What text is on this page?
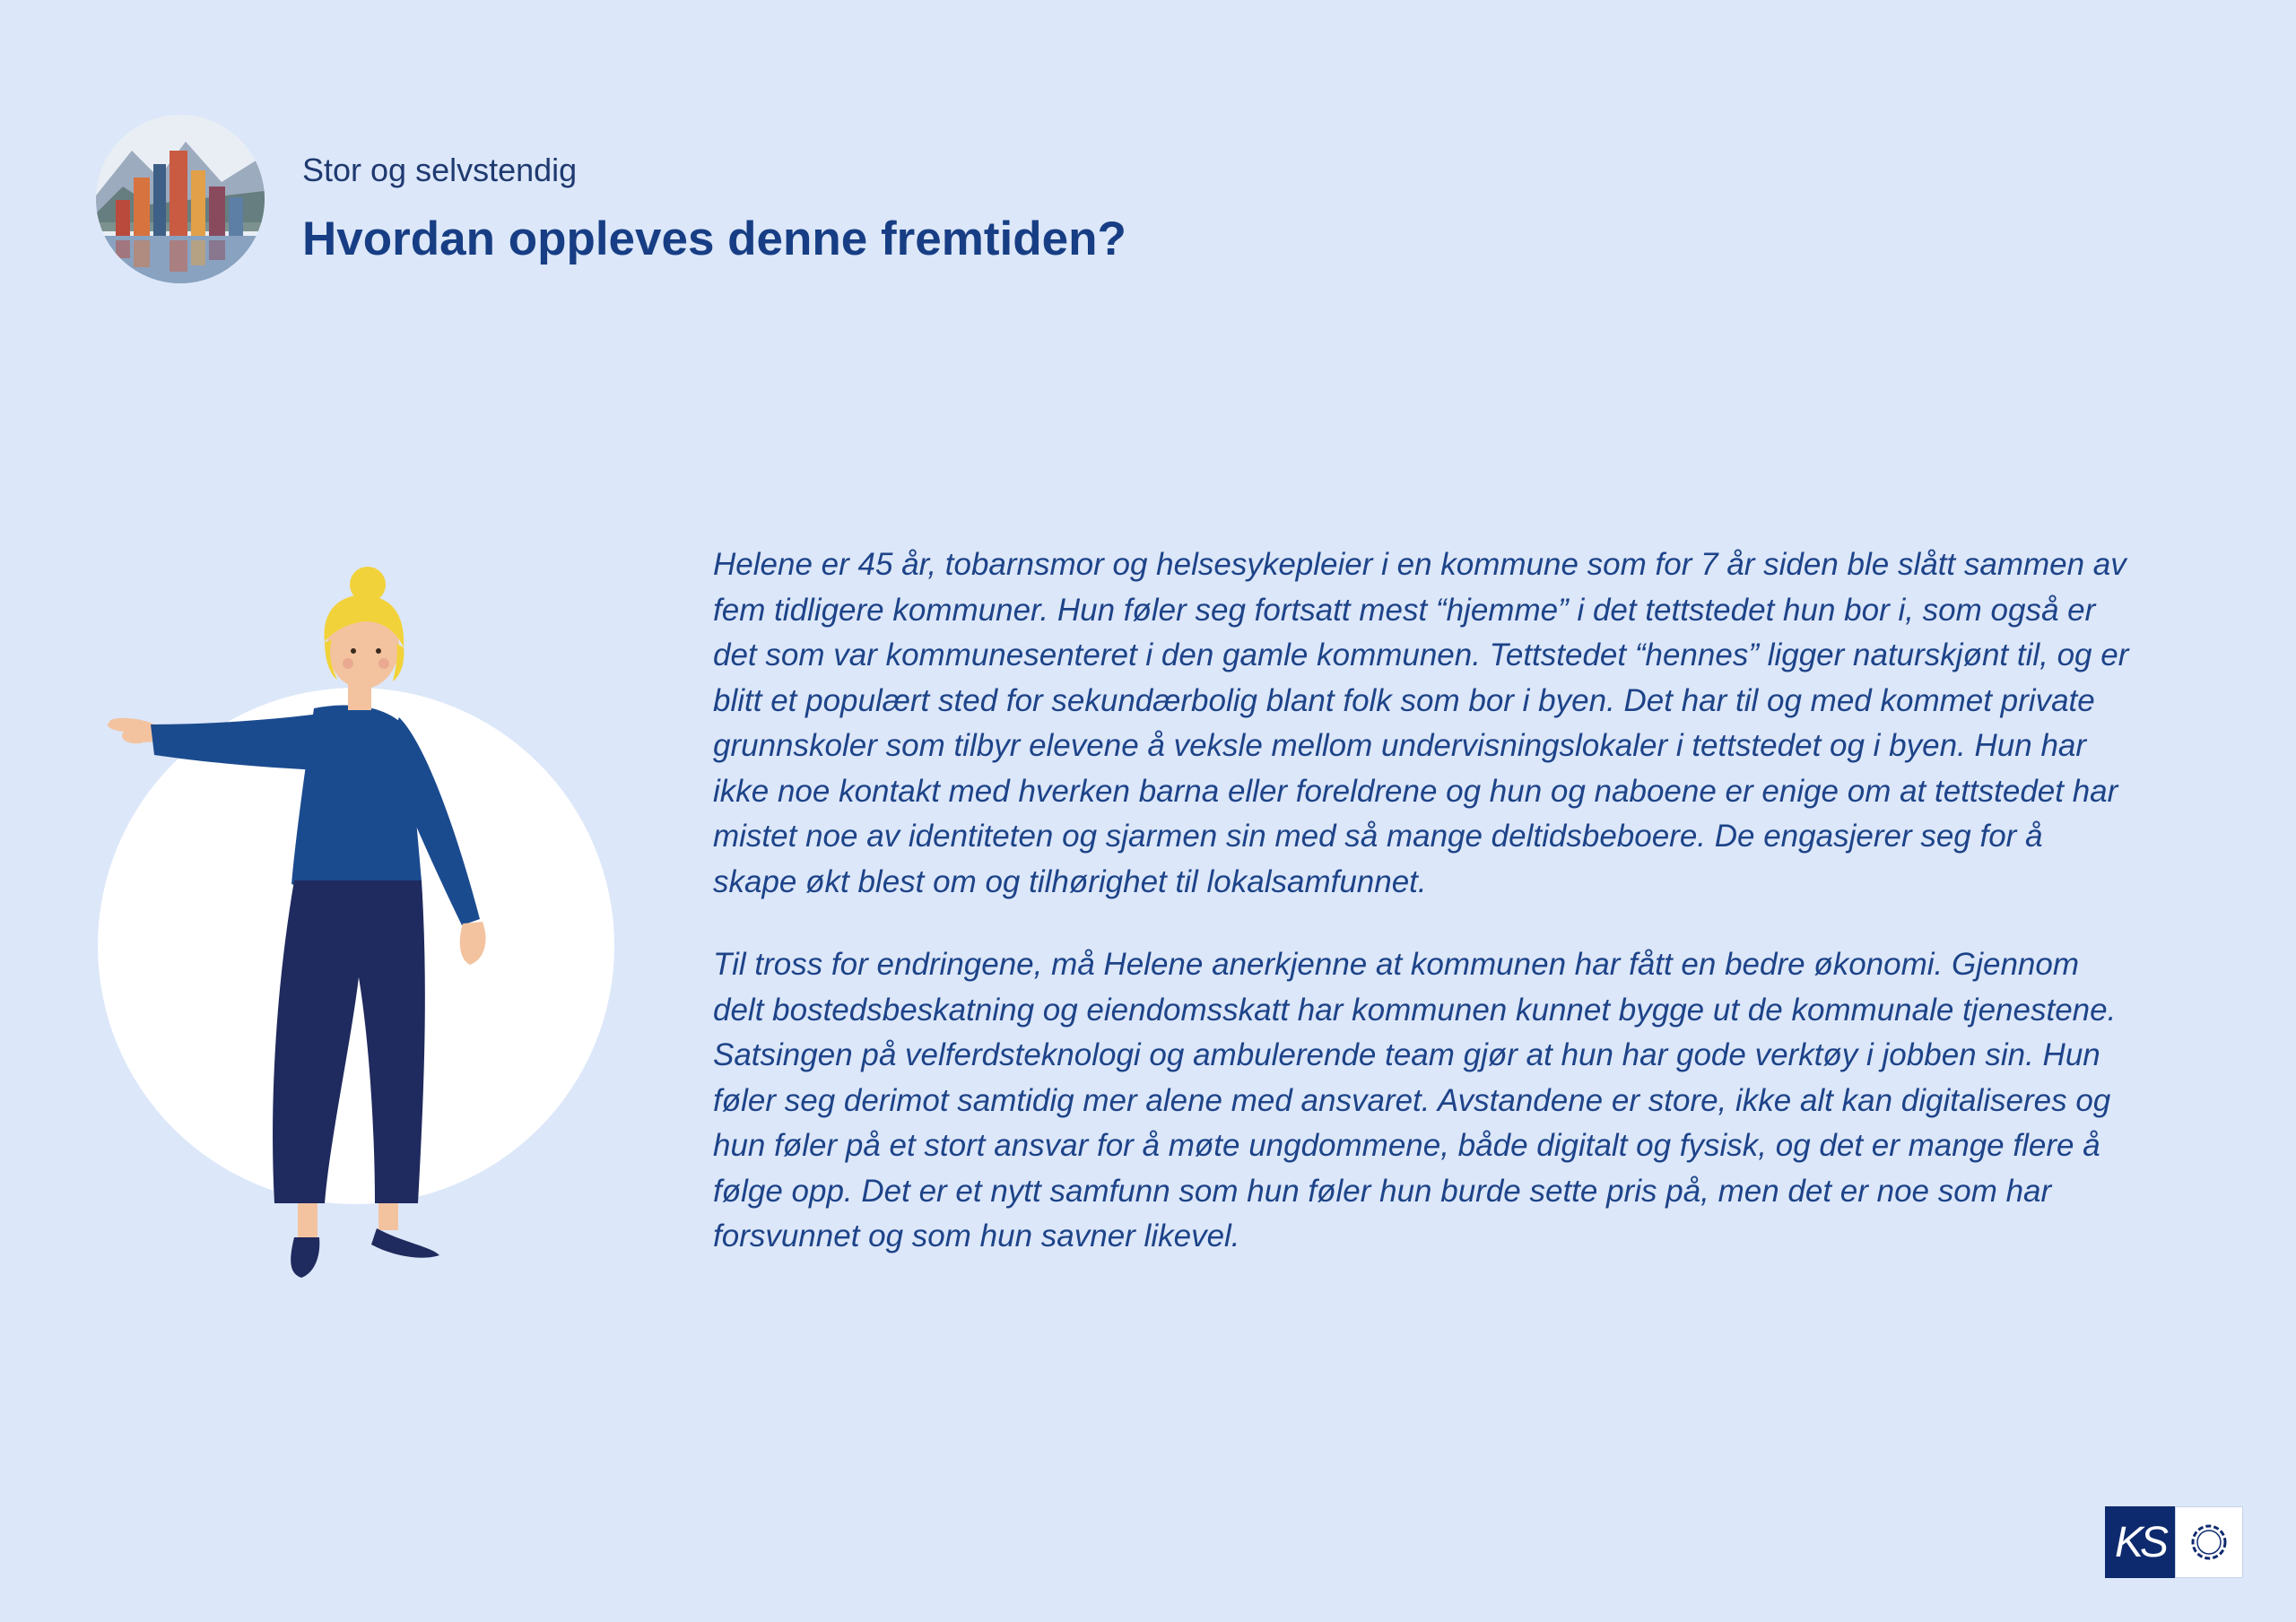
Stor og selvstendig
Hvordan oppleves denne fremtiden?

Helene er 45 år, tobarnsmor og helsesykepleier i en kommune som for 7 år siden ble slått sammen av fem tidligere kommuner. Hun føler seg fortsatt mest “hjemme” i det tettstedet hun bor i, som også er det som var kommunesenteret i den gamle kommunen. Tettstedet “hennes” ligger naturskjønt til, og er blitt et populært sted for sekundærbolig blant folk som bor i byen. Det har til og med kommet private grunnskoler som tilbyr elevene å veksle mellom undervisningslokaler i tettstedet og i byen. Hun har ikke noe kontakt med hverken barna eller foreldrene og hun og naboene er enige om at tettstedet har mistet noe av identiteten og sjarmen sin med så mange deltidsbeboere. De engasjerer seg for å skape økt blest om og tilhørighet til lokalsamfunnet.

Til tross for endringene, må Helene anerkjenne at kommunen har fått en bedre økonomi. Gjennom delt bostedsbeskatning og eiendomsskatt har kommunen kunnet bygge ut de kommunale tjenestene. Satsingen på velferdsteknologi og ambulerende team gjør at hun har gode verktøy i jobben sin. Hun føler seg derimot samtidig mer alene med ansvaret. Avstandene er store, ikke alt kan digitaliseres og hun føler på et stort ansvar for å møte ungdommene, både digitalt og fysisk, og det er mange flere å følge opp. Det er et nytt samfunn som hun føler hun burde sette pris på, men det er noe som har forsvunnet og som hun savner likevel.

KS
